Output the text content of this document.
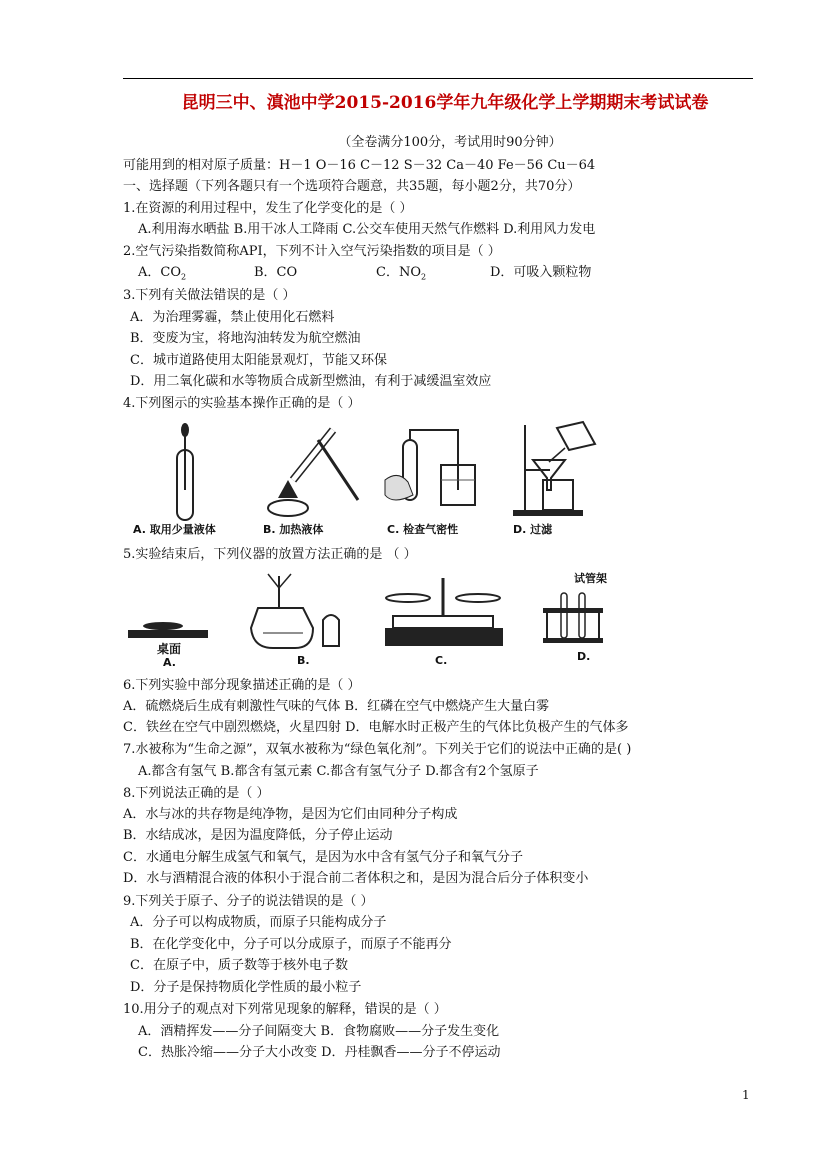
昆明三中、滇池中学2015-2016学年九年级化学上学期期末考试试卷
（全卷满分100分，考试用时90分钟）
可能用到的相对原子质量：H－1 O－16 C－12 S－32 Ca－40 Fe－56 Cu－64
一、选择题（下列各题只有一个选项符合题意，共35题，每小题2分，共70分）
1.在资源的利用过程中，发生了化学变化的是（ ）
A.利用海水晒盐 B.用干冰人工降雨 C.公交车使用天然气作燃料 D.利用风力发电
2.空气污染指数简称API，下列不计入空气污染指数的项目是（ ）
A．$CO_2$	B．CO	C．$NO_2$	D．可吸入颗粒物
3.下列有关做法错误的是（ ）
A．为治理雾霾，禁止使用化石燃料
B．变废为宝，将地沟油转发为航空燃油
C．城市道路使用太阳能景观灯，节能又环保
D．用二氧化碳和水等物质合成新型燃油，有利于减缓温室效应
4.下列图示的实验基本操作正确的是（ ）
A. 取用少量液体	B. 加热液体	C. 检查气密性	D. 过滤
5.实验结束后，下列仪器的放置方法正确的是 （ ）
桌面
A.	B.	C.
试管架
D.
6.下列实验中部分现象描述正确的是（ ）
A．硫燃烧后生成有刺激性气味的气体 B．红磷在空气中燃烧产生大量白雾
C．铁丝在空气中剧烈燃烧，火星四射 D．电解水时正极产生的气体比负极产生的气体多
7.水被称为“生命之源”，双氧水被称为“绿色氧化剂”。下列关于它们的说法中正确的是( )
A.都含有氢气 B.都含有氢元素 C.都含有氢气分子 D.都含有2个氢原子
8.下列说法正确的是（ ）
A．水与冰的共存物是纯净物，是因为它们由同种分子构成
B．水结成冰，是因为温度降低，分子停止运动
C．水通电分解生成氢气和氧气，是因为水中含有氢气分子和氧气分子
D．水与酒精混合液的体积小于混合前二者体积之和，是因为混合后分子体积变小
9.下列关于原子、分子的说法错误的是（ ）
A．分子可以构成物质，而原子只能构成分子
B．在化学变化中，分子可以分成原子，而原子不能再分
C．在原子中，质子数等于核外电子数
D．分子是保持物质化学性质的最小粒子
10.用分子的观点对下列常见现象的解释，错误的是（ ）
A．酒精挥发——分子间隔变大 B．食物腐败——分子发生变化
C．热胀冷缩——分子大小改变 D．丹桂飘香——分子不停运动
1
